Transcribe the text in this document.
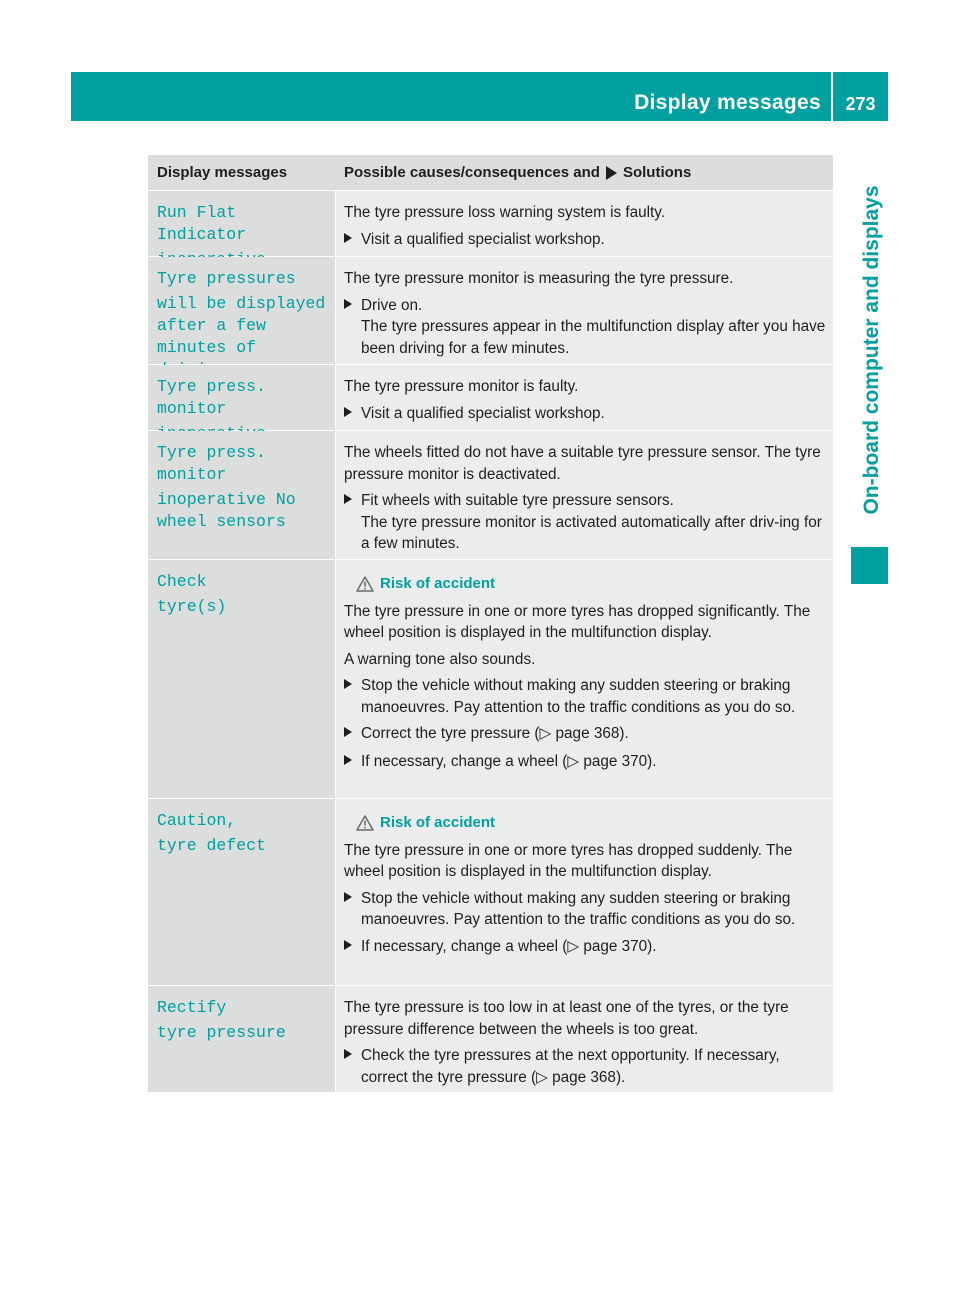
Display messages	273
On-board computer and displays
Display messages	Possible causes/consequences and Solutions
Run Flat Indicator
The tyre pressure loss warning system is faulty.
Visit a qualified specialist workshop.
Tyre pressures
will be displayed
after a few
minutes of
The tyre pressure monitor is measuring the tyre pressure.
Drive on.
The tyre pressures appear in the multifunction display after you have been driving for a few minutes.
Tyre press. monitor
The tyre pressure monitor is faulty.
Visit a qualified specialist workshop.
Tyre press. monitor
inoperative No
wheel sensors
The wheels fitted do not have a suitable tyre pressure sensor. The tyre pressure monitor is deactivated.
Fit wheels with suitable tyre pressure sensors.
The tyre pressure monitor is activated automatically after driv-ing for a few minutes.
Check
tyre(s)
Risk of accident
The tyre pressure in one or more tyres has dropped significantly. The wheel position is displayed in the multifunction display.
A warning tone also sounds.
Stop the vehicle without making any sudden steering or braking manoeuvres. Pay attention to the traffic conditions as you do so.
Correct the tyre pressure (▷ page 368).
If necessary, change a wheel (▷ page 370).
Caution,
tyre defect
Risk of accident
The tyre pressure in one or more tyres has dropped suddenly. The wheel position is displayed in the multifunction display.
Stop the vehicle without making any sudden steering or braking manoeuvres. Pay attention to the traffic conditions as you do so.
If necessary, change a wheel (▷ page 370).
Rectify
tyre pressure
The tyre pressure is too low in at least one of the tyres, or the tyre pressure difference between the wheels is too great.
Check the tyre pressures at the next opportunity. If necessary, correct the tyre pressure (▷ page 368).
